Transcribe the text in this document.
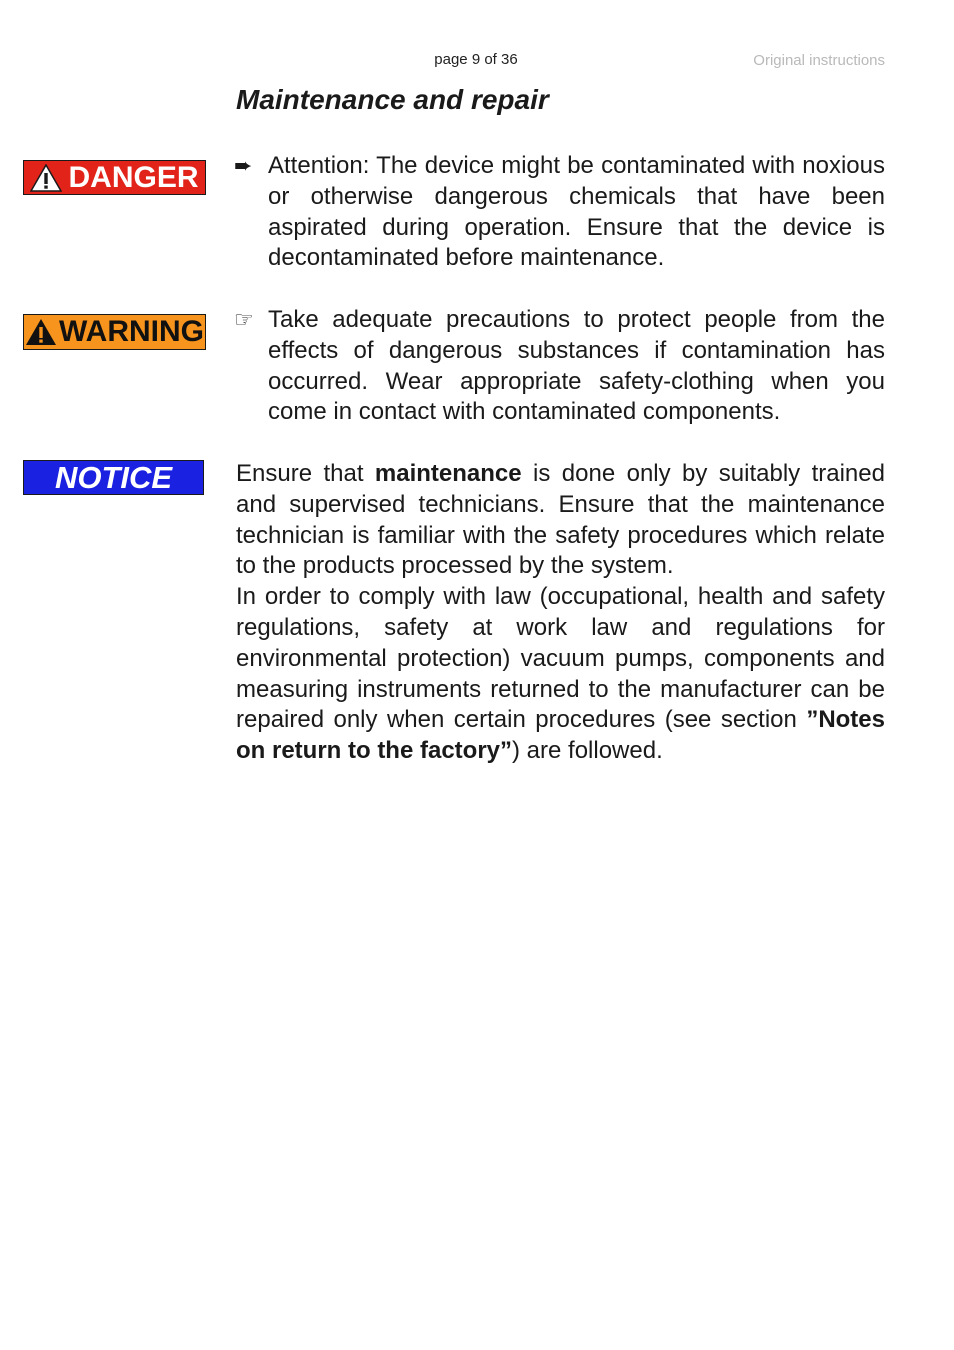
page 9 of 36	Original instructions
Maintenance and repair
DANGER
WARNING
NOTICE
➨ Attention: The device might be contaminated with noxious or otherwise dangerous chemicals that have been aspirated during operation. Ensure that the device is decontaminated before maintenance.
☞ Take adequate precautions to protect people from the effects of dangerous substances if contamination has occurred. Wear appropriate safety-clothing when you come in contact with contaminated components.

Ensure that maintenance is done only by suitably trained and supervised technicians. Ensure that the maintenance technician is familiar with the safety procedures which relate to the products processed by the system.

In order to comply with law (occupational, health and safety regulations, safety at work law and regulations for environmental protection) vacuum pumps, components and measuring instruments returned to the manufacturer can be repaired only when certain procedures (see section ”Notes on return to the factory”) are followed.
